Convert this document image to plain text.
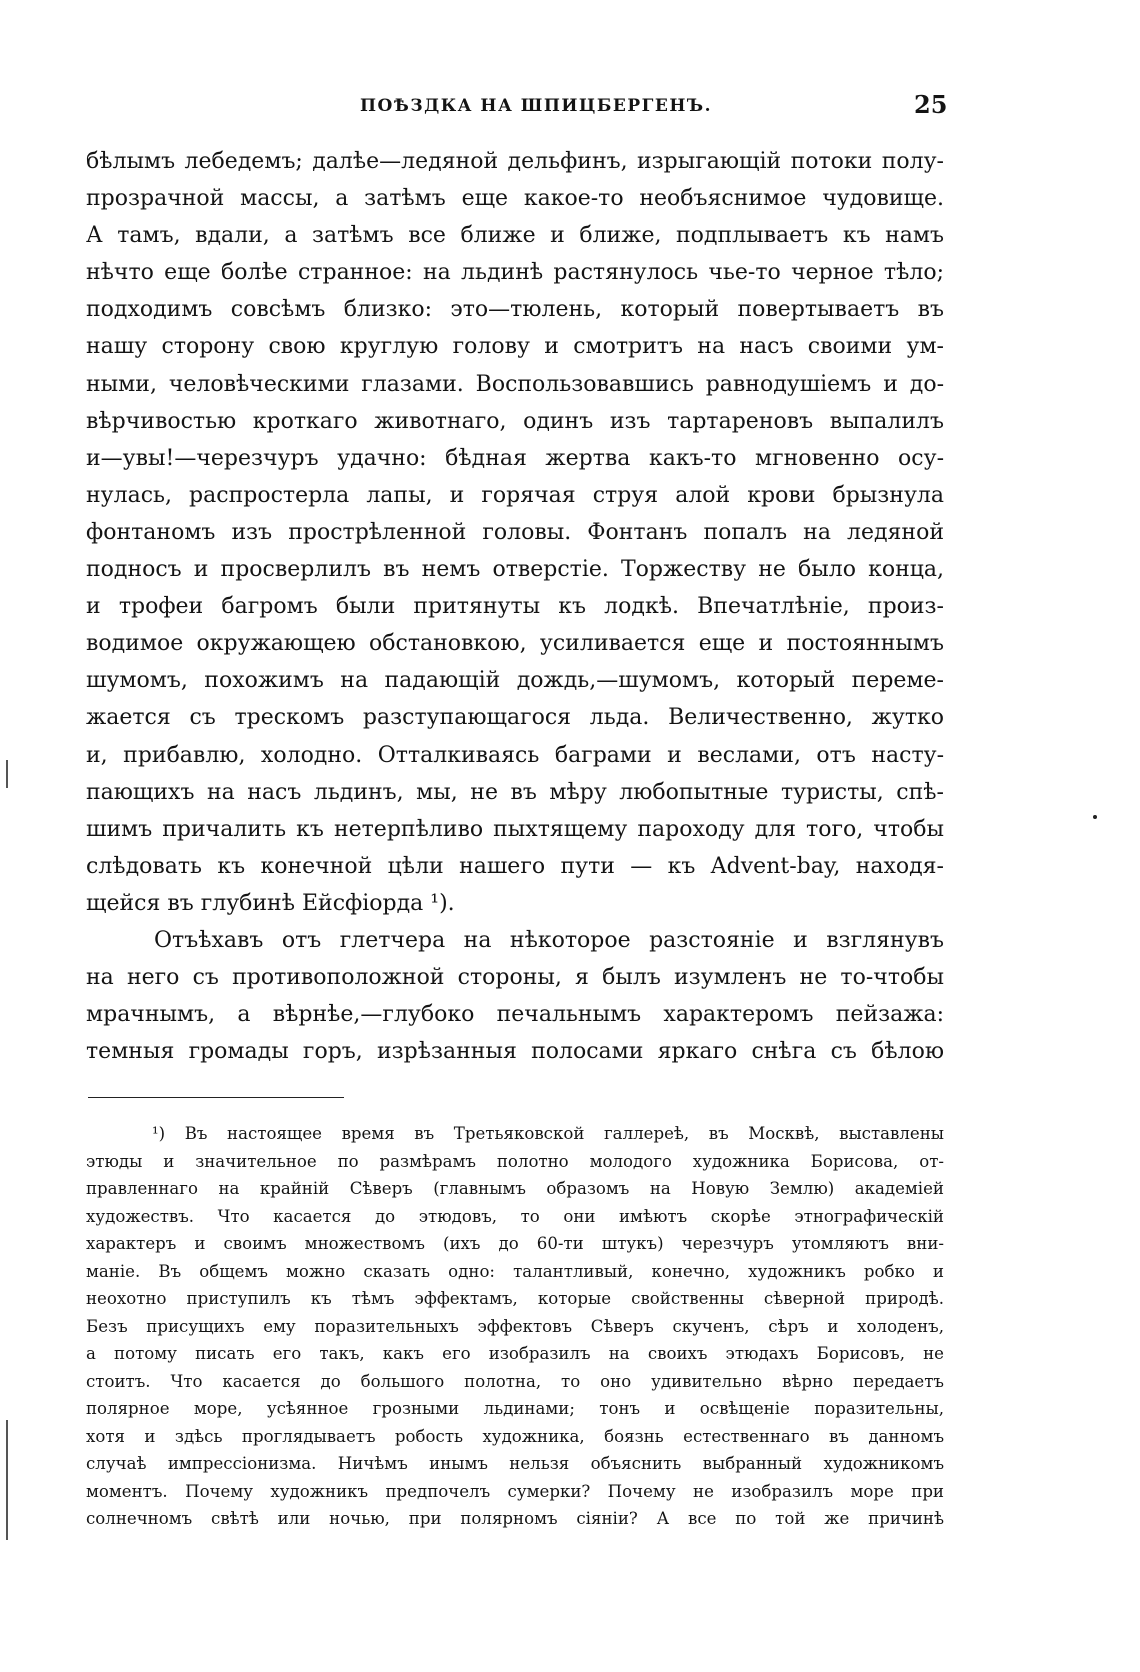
ПОѢЗДКА НА ШПИЦБЕРГЕНЪ.	25
бѣлымъ лебедемъ; далѣе—ледяной дельфинъ, изрыгающій потоки полу-
прозрачной массы, а затѣмъ еще какое-то необъяснимое чудовище.
А тамъ, вдали, а затѣмъ все ближе и ближе, подплываетъ къ намъ
нѣчто еще болѣе странное: на льдинѣ растянулось чье-то черное тѣло;
подходимъ совсѣмъ близко: это—тюлень, который повертываетъ въ
нашу сторону свою круглую голову и смотритъ на насъ своими ум-
ными, человѣческими глазами. Воспользовавшись равнодушіемъ и до-
вѣрчивостью кроткаго животнаго, одинъ изъ тартареновъ выпалилъ
и—увы!—черезчуръ удачно: бѣдная жертва какъ-то мгновенно осу-
нулась, распростерла лапы, и горячая струя алой крови брызнула
фонтаномъ изъ прострѣленной головы. Фонтанъ попалъ на ледяной
подносъ и просверлилъ въ немъ отверстіе. Торжеству не было конца,
и трофеи багромъ были притянуты къ лодкѣ. Впечатлѣніе, произ-
водимое окружающею обстановкою, усиливается еще и постояннымъ
шумомъ, похожимъ на падающій дождь,—шумомъ, который переме-
жается съ трескомъ разступающагося льда. Величественно, жутко
и, прибавлю, холодно. Отталкиваясь баграми и веслами, отъ насту-
пающихъ на насъ льдинъ, мы, не въ мѣру любопытные туристы, спѣ-
шимъ причалить къ нетерпѣливо пыхтящему пароходу для того, чтобы
слѣдовать къ конечной цѣли нашего пути — къ Advent-bay, находя-
щейся въ глубинѣ Ейсфіорда ¹).
Отъѣхавъ отъ глетчера на нѣкоторое разстояніе и взглянувъ
на него съ противоположной стороны, я былъ изумленъ не то-чтобы
мрачнымъ, а вѣрнѣе,—глубоко печальнымъ характеромъ пейзажа:
темныя громады горъ, изрѣзанныя полосами яркаго снѣга съ бѣлою
¹) Въ настоящее время въ Третьяковской галлереѣ, въ Москвѣ, выставлены
этюды и значительное по размѣрамъ полотно молодого художника Борисова, от-
правленнаго на крайній Сѣверъ (главнымъ образомъ на Новую Землю) академіей
художествъ. Что касается до этюдовъ, то они имѣютъ скорѣе этнографическій
характеръ и своимъ множествомъ (ихъ до 60-ти штукъ) черезчуръ утомляютъ вни-
маніе. Въ общемъ можно сказать одно: талантливый, конечно, художникъ робко и
неохотно приступилъ къ тѣмъ эффектамъ, которые свойственны сѣверной природѣ.
Безъ присущихъ ему поразительныхъ эффектовъ Сѣверъ скученъ, сѣръ и холоденъ,
а потому писать его такъ, какъ его изобразилъ на своихъ этюдахъ Борисовъ, не
стоитъ. Что касается до большого полотна, то оно удивительно вѣрно передаетъ
полярное море, усѣянное грозными льдинами; тонъ и освѣщеніе поразительны,
хотя и здѣсь проглядываетъ робость художника, боязнь естественнаго въ данномъ
случаѣ импрессіонизма. Ничѣмъ инымъ нельзя объяснить выбранный художникомъ
моментъ. Почему художникъ предпочелъ сумерки? Почему не изобразилъ море при
солнечномъ свѣтѣ или ночью, при полярномъ сіяніи? А все по той же причинѣ
